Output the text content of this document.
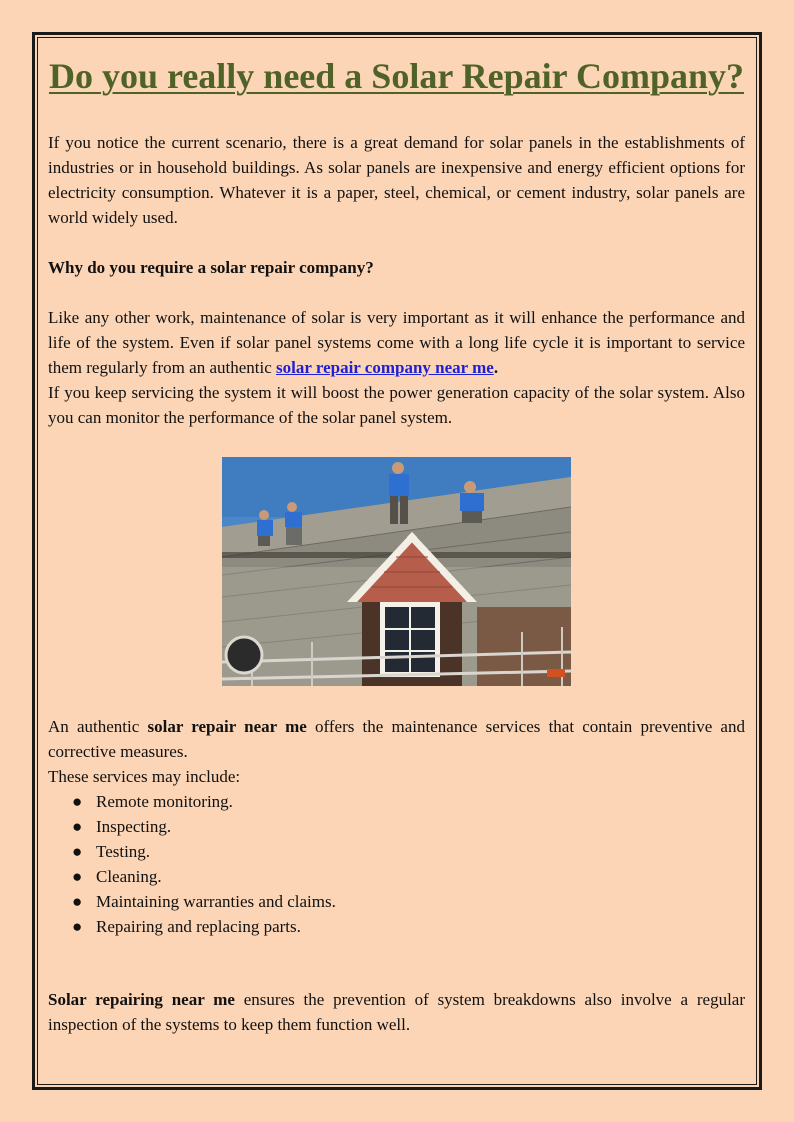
Do you really need a Solar Repair Company?

If you notice the current scenario, there is a great demand for solar panels in the establishments of industries or in household buildings. As solar panels are inexpensive and energy efficient options for electricity consumption. Whatever it is a paper, steel, chemical, or cement industry, solar panels are world widely used.

Why do you require a solar repair company?

Like any other work, maintenance of solar is very important as it will enhance the performance and life of the system. Even if solar panel systems come with a long life cycle it is important to service them regularly from an authentic solar repair company near me.

If you keep servicing the system it will boost the power generation capacity of the solar system. Also you can monitor the performance of the solar panel system.

An authentic solar repair near me offers the maintenance services that contain preventive and corrective measures.

These services may include:

● Remote monitoring.
● Inspecting.
● Testing.
● Cleaning.
● Maintaining warranties and claims.
● Repairing and replacing parts.

Solar repairing near me ensures the prevention of system breakdowns also involve a regular inspection of the systems to keep them function well.
